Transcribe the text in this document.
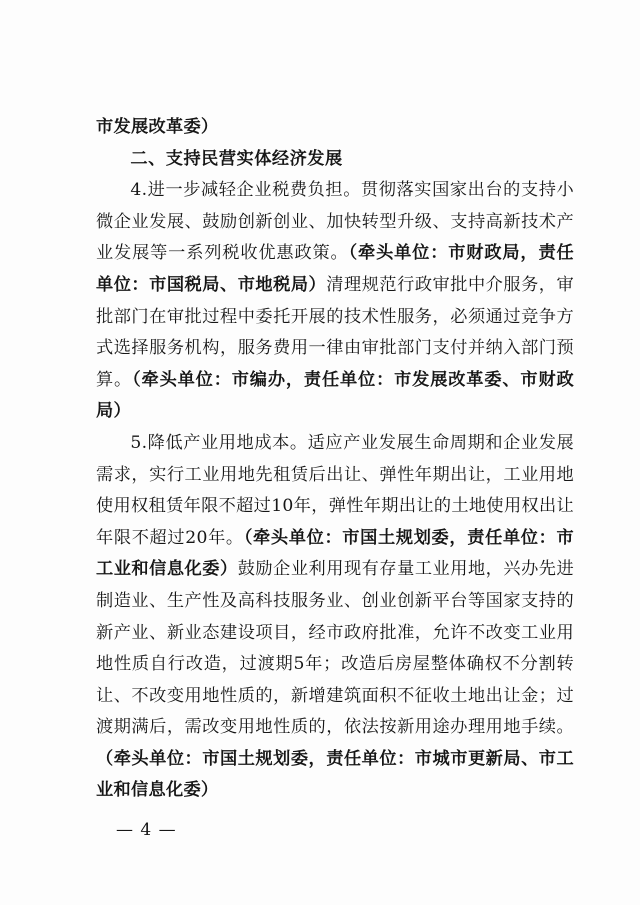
市发展改革委）

二、支持民营实体经济发展

4.进一步减轻企业税费负担。贯彻落实国家出台的支持小微企业发展、鼓励创新创业、加快转型升级、支持高新技术产业发展等一系列税收优惠政策。（牵头单位：市财政局，责任单位：市国税局、市地税局）清理规范行政审批中介服务，审批部门在审批过程中委托开展的技术性服务，必须通过竞争方式选择服务机构，服务费用一律由审批部门支付并纳入部门预算。（牵头单位：市编办，责任单位：市发展改革委、市财政局）

5.降低产业用地成本。适应产业发展生命周期和企业发展需求，实行工业用地先租赁后出让、弹性年期出让，工业用地使用权租赁年限不超过10年，弹性年期出让的土地使用权出让年限不超过20年。（牵头单位：市国土规划委，责任单位：市工业和信息化委）鼓励企业利用现有存量工业用地，兴办先进制造业、生产性及高科技服务业、创业创新平台等国家支持的新产业、新业态建设项目，经市政府批准，允许不改变工业用地性质自行改造，过渡期5年；改造后房屋整体确权不分割转让、不改变用地性质的，新增建筑面积不征收土地出让金；过渡期满后，需改变用地性质的，依法按新用途办理用地手续。（牵头单位：市国土规划委，责任单位：市城市更新局、市工业和信息化委）

— 4 —
